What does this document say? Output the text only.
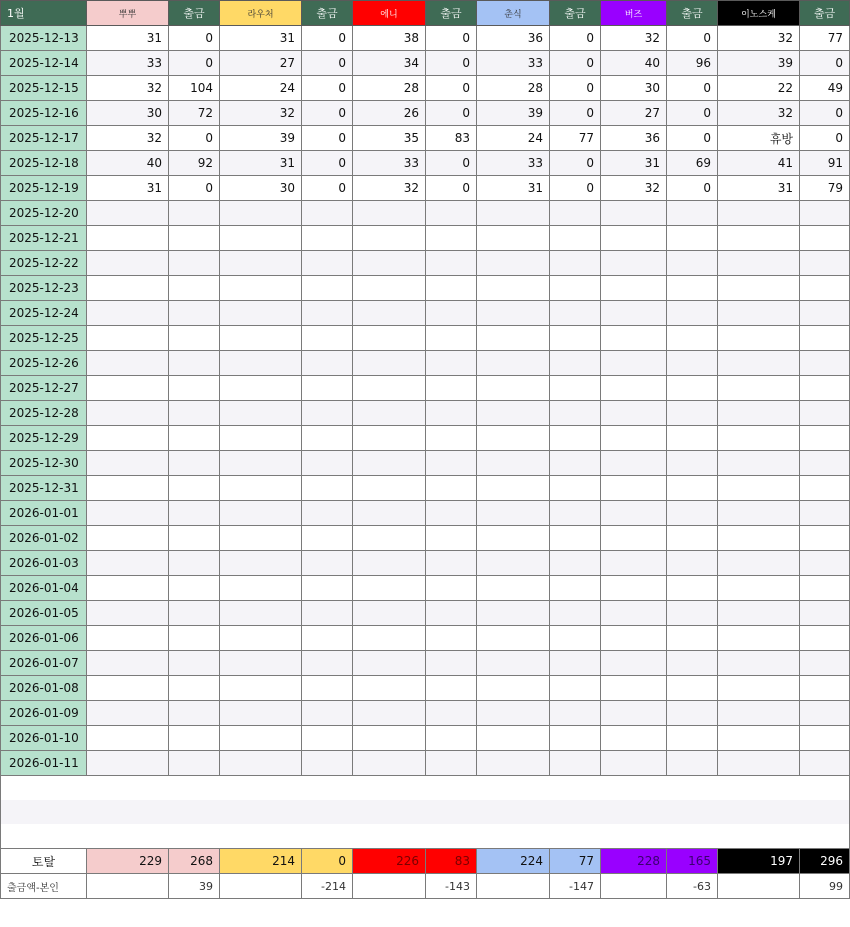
1월	뿌뿌	출금	라우처	출금	에니	출금	춘식	출금	버즈	출금	이노스케	출금
2025-12-13	31	0	31	0	38	0	36	0	32	0	32	77
2025-12-14	33	0	27	0	34	0	33	0	40	96	39	0
2025-12-15	32	104	24	0	28	0	28	0	30	0	22	49
2025-12-16	30	72	32	0	26	0	39	0	27	0	32	0
2025-12-17	32	0	39	0	35	83	24	77	36	0	휴방	0
2025-12-18	40	92	31	0	33	0	33	0	31	69	41	91
2025-12-19	31	0	30	0	32	0	31	0	32	0	31	79
2025-12-20												
2025-12-21												
2025-12-22												
2025-12-23												
2025-12-24												
2025-12-25												
2025-12-26												
2025-12-27												
2025-12-28												
2025-12-29												
2025-12-30												
2025-12-31												
2026-01-01												
2026-01-02												
2026-01-03												
2026-01-04												
2026-01-05												
2026-01-06												
2026-01-07												
2026-01-08												
2026-01-09												
2026-01-10												
2026-01-11												

토탈	229	268	214	0	226	83	224	77	228	165	197	296
출금액-본인		39		-214		-143		-147		-63		99
